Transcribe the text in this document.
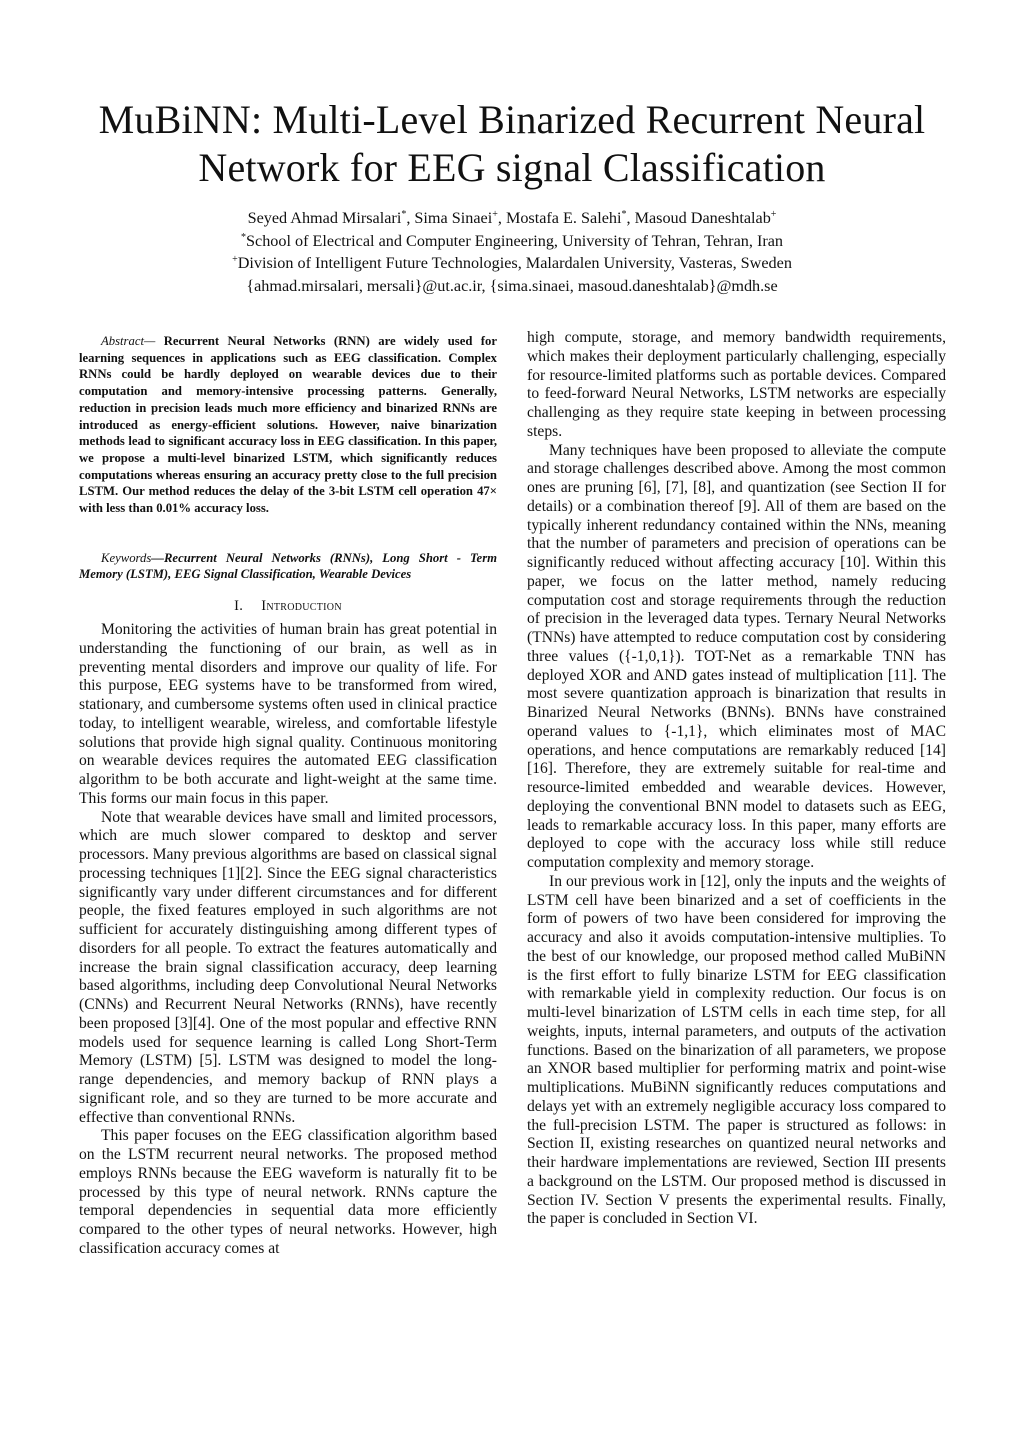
MuBiNN: Multi-Level Binarized Recurrent Neural
Network for EEG signal Classification
Seyed Ahmad Mirsalari*, Sima Sinaei+, Mostafa E. Salehi*, Masoud Daneshtalab+
*School of Electrical and Computer Engineering, University of Tehran, Tehran, Iran
+Division of Intelligent Future Technologies, Malardalen University, Vasteras, Sweden
{ahmad.mirsalari, mersali}@ut.ac.ir, {sima.sinaei, masoud.daneshtalab}@mdh.se

Abstract— Recurrent Neural Networks (RNN) are widely used for learning sequences in applications such as EEG classification. Complex RNNs could be hardly deployed on wearable devices due to their computation and memory-intensive processing patterns. Generally, reduction in precision leads much more efficiency and binarized RNNs are introduced as energy-efficient solutions. However, naive binarization methods lead to significant accuracy loss in EEG classification. In this paper, we propose a multi-level binarized LSTM, which significantly reduces computations whereas ensuring an accuracy pretty close to the full precision LSTM. Our method reduces the delay of the 3-bit LSTM cell operation 47× with less than 0.01% accuracy loss.

Keywords—Recurrent Neural Networks (RNNs), Long Short - Term Memory (LSTM), EEG Signal Classification, Wearable Devices

I. Introduction

Monitoring the activities of human brain has great potential in understanding the functioning of our brain, as well as in preventing mental disorders and improve our quality of life. For this purpose, EEG systems have to be transformed from wired, stationary, and cumbersome systems often used in clinical practice today, to intelligent wearable, wireless, and comfortable lifestyle solutions that provide high signal quality. Continuous monitoring on wearable devices requires the automated EEG classification algorithm to be both accurate and light-weight at the same time. This forms our main focus in this paper.

Note that wearable devices have small and limited processors, which are much slower compared to desktop and server processors. Many previous algorithms are based on classical signal processing techniques [1][2]. Since the EEG signal characteristics significantly vary under different circumstances and for different people, the fixed features employed in such algorithms are not sufficient for accurately distinguishing among different types of disorders for all people. To extract the features automatically and increase the brain signal classification accuracy, deep learning based algorithms, including deep Convolutional Neural Networks (CNNs) and Recurrent Neural Networks (RNNs), have recently been proposed [3][4]. One of the most popular and effective RNN models used for sequence learning is called Long Short-Term Memory (LSTM) [5]. LSTM was designed to model the long-range dependencies, and memory backup of RNN plays a significant role, and so they are turned to be more accurate and effective than conventional RNNs.

This paper focuses on the EEG classification algorithm based on the LSTM recurrent neural networks. The proposed method employs RNNs because the EEG waveform is naturally fit to be processed by this type of neural network. RNNs capture the temporal dependencies in sequential data more efficiently compared to the other types of neural networks. However, high classification accuracy comes at

high compute, storage, and memory bandwidth requirements, which makes their deployment particularly challenging, especially for resource-limited platforms such as portable devices. Compared to feed-forward Neural Networks, LSTM networks are especially challenging as they require state keeping in between processing steps.

Many techniques have been proposed to alleviate the compute and storage challenges described above. Among the most common ones are pruning [6], [7], [8], and quantization (see Section II for details) or a combination thereof [9]. All of them are based on the typically inherent redundancy contained within the NNs, meaning that the number of parameters and precision of operations can be significantly reduced without affecting accuracy [10]. Within this paper, we focus on the latter method, namely reducing computation cost and storage requirements through the reduction of precision in the leveraged data types. Ternary Neural Networks (TNNs) have attempted to reduce computation cost by considering three values ({-1,0,1}). TOT-Net as a remarkable TNN has deployed XOR and AND gates instead of multiplication [11]. The most severe quantization approach is binarization that results in Binarized Neural Networks (BNNs). BNNs have constrained operand values to {-1,1}, which eliminates most of MAC operations, and hence computations are remarkably reduced [14][16]. Therefore, they are extremely suitable for real-time and resource-limited embedded and wearable devices. However, deploying the conventional BNN model to datasets such as EEG, leads to remarkable accuracy loss. In this paper, many efforts are deployed to cope with the accuracy loss while still reduce computation complexity and memory storage.

In our previous work in [12], only the inputs and the weights of LSTM cell have been binarized and a set of coefficients in the form of powers of two have been considered for improving the accuracy and also it avoids computation-intensive multiplies. To the best of our knowledge, our proposed method called MuBiNN is the first effort to fully binarize LSTM for EEG classification with remarkable yield in complexity reduction. Our focus is on multi-level binarization of LSTM cells in each time step, for all weights, inputs, internal parameters, and outputs of the activation functions. Based on the binarization of all parameters, we propose an XNOR based multiplier for performing matrix and point-wise multiplications. MuBiNN significantly reduces computations and delays yet with an extremely negligible accuracy loss compared to the full-precision LSTM. The paper is structured as follows: in Section II, existing researches on quantized neural networks and their hardware implementations are reviewed, Section III presents a background on the LSTM. Our proposed method is discussed in Section IV. Section V presents the experimental results. Finally, the paper is concluded in Section VI.
